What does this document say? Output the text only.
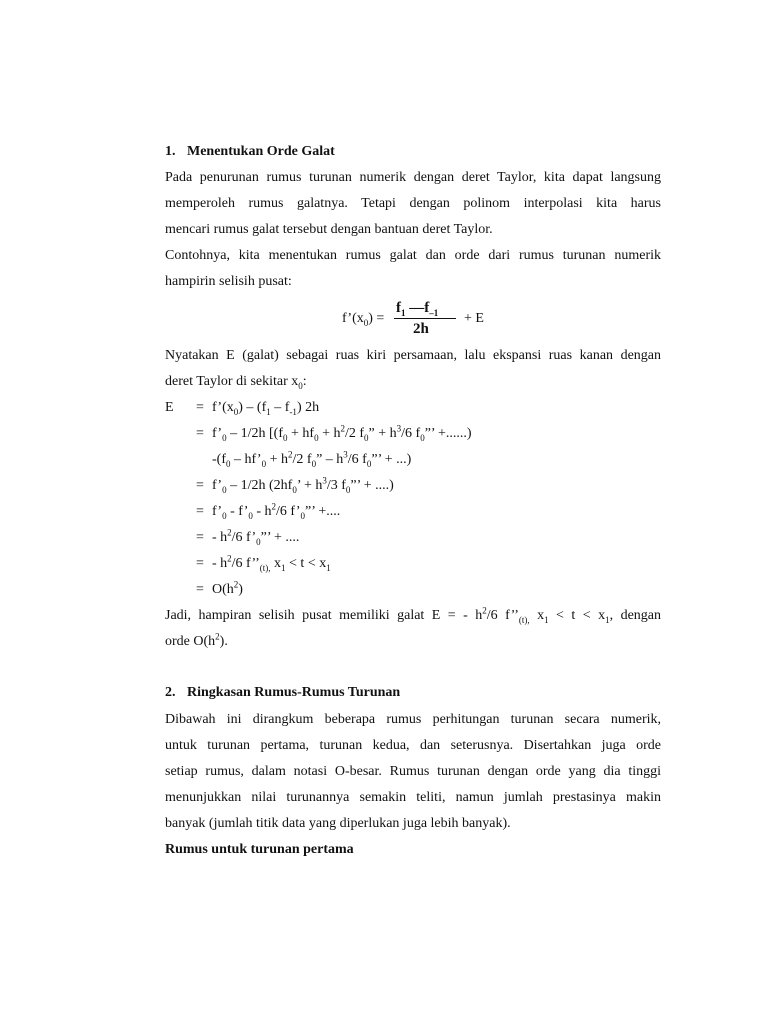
1. Menentukan Orde Galat
Pada penurunan rumus turunan numerik dengan deret Taylor, kita dapat langsung
memperoleh rumus galatnya. Tetapi dengan polinom interpolasi kita harus
mencari rumus galat tersebut dengan bantuan deret Taylor.
Contohnya, kita menentukan rumus galat dan orde dari rumus turunan numerik
hampirin selisih pusat:
$f’(x_0)$ =
$f_1$ $—f_{-1}$
2h
+ E
Nyatakan E (galat) sebagai ruas kiri persamaan, lalu ekspansi ruas kanan dengan
deret Taylor di sekitar $x_0$:
$E = f’(x_0) - (f_1 - f_{-1})$ 2h
= $f’_0 - 1/2h$ [($f_0 + hf_0 + h^2/2$ $f_0$” + $h^3/6$ $f_0$”’ +......)
$-(f_0$ – $hf’_0 + h^2/2$ $f_0$” – $h^3/6$ $f_0$”’ + ...)
= $f’_0 - 1/2h$ ($2hf_0$’ + $h^3/3$ $f_0$”’ + ....)
= $f’_0$ - $f’_0 - h^2/6$ $f’_0$”’ +....
= - $h^2/6$ $f’_0$”’ + ....
= - $h^2/6$ $f’’_{(t),}$ $x_1 < t < x_1$
= $O(h^2)$
Jadi, hampiran selisih pusat memiliki galat E = - $h^2/6$ $f’’_{(t),}$ $x_1 < t < x_1$, dengan
orde $O(h^2)$.
2. Ringkasan Rumus-Rumus Turunan
Dibawah ini dirangkum beberapa rumus perhitungan turunan secara numerik,
untuk turunan pertama, turunan kedua, dan seterusnya. Disertahkan juga orde
setiap rumus, dalam notasi O-besar. Rumus turunan dengan orde yang dia tinggi
menunjukkan nilai turunannya semakin teliti, namun jumlah prestasinya makin
banyak (jumlah titik data yang diperlukan juga lebih banyak).
Rumus untuk turunan pertama
